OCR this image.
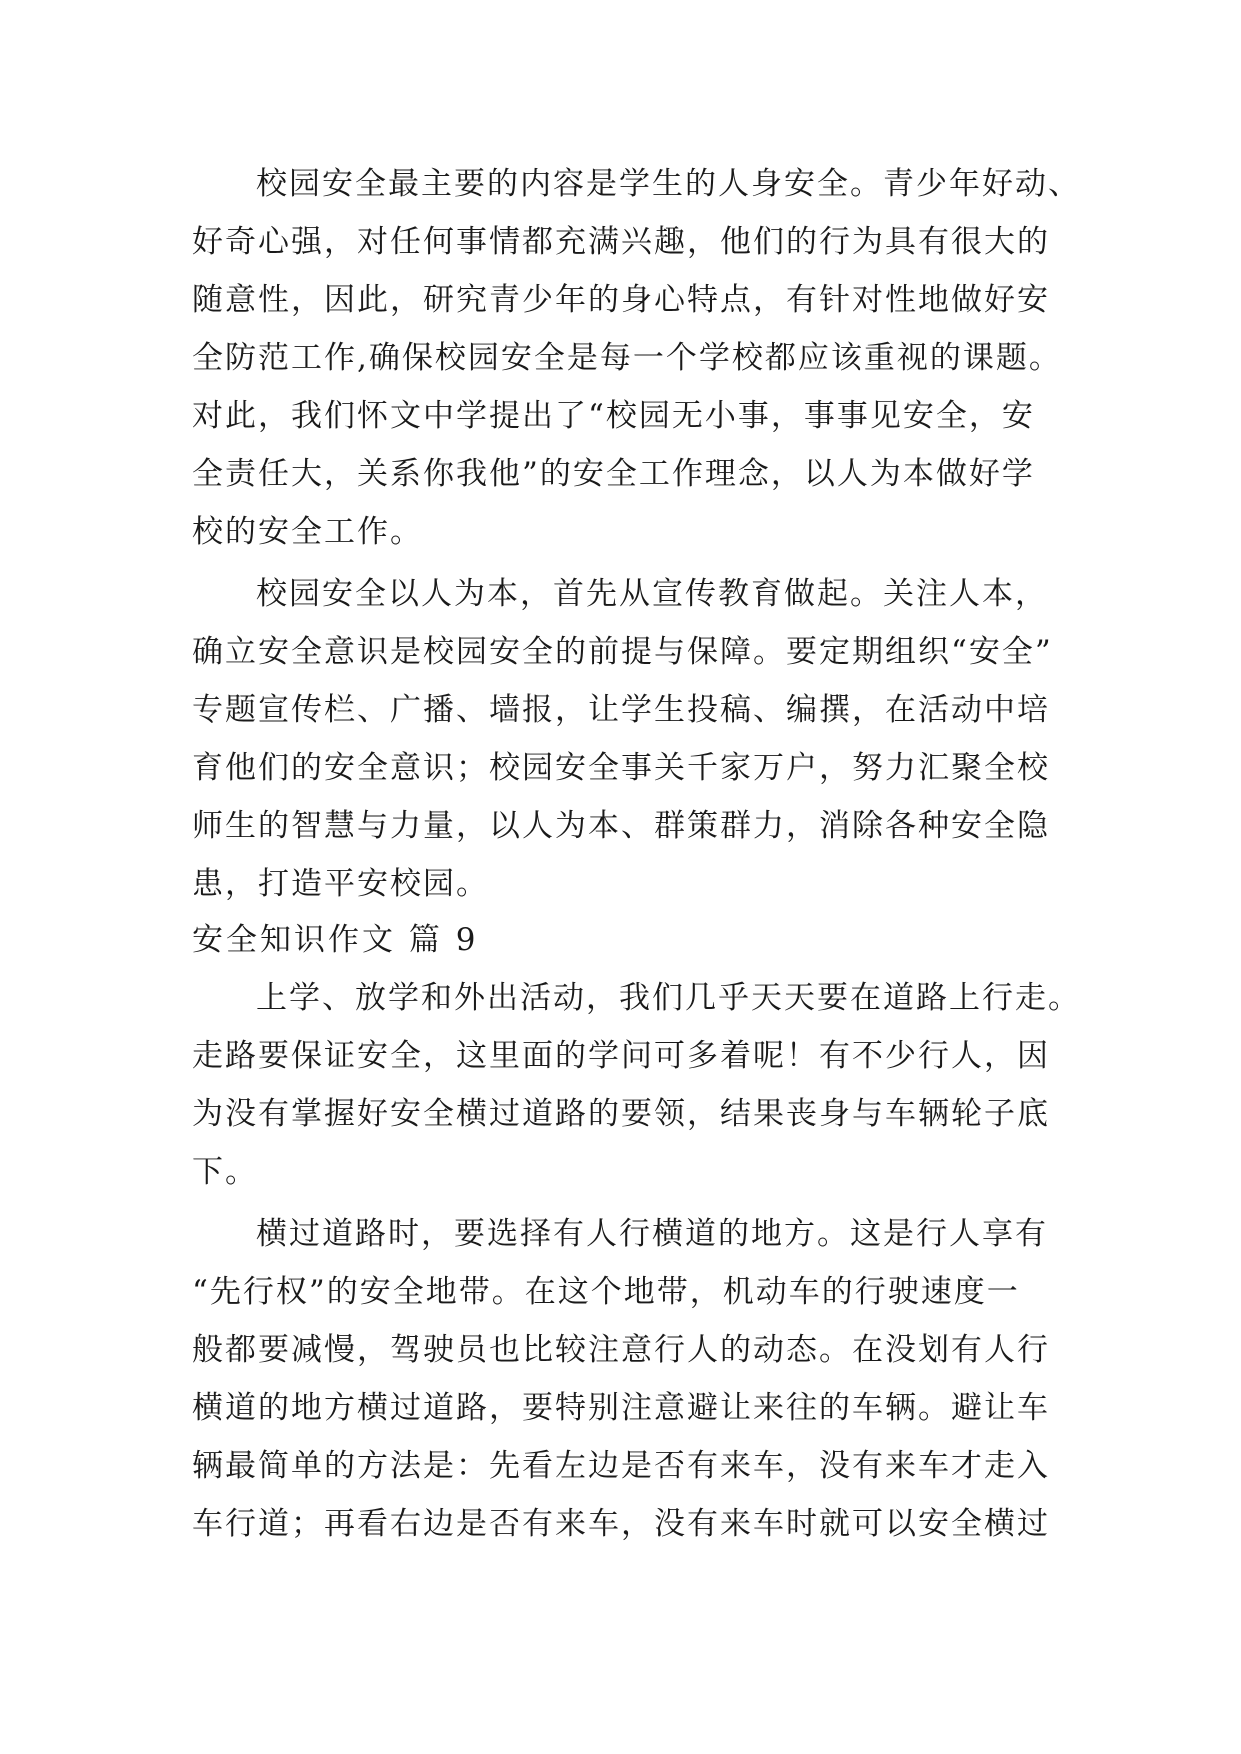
校园安全最主要的内容是学生的人身安全。青少年好动、
好奇心强，对任何事情都充满兴趣，他们的行为具有很大的
随意性，因此，研究青少年的身心特点，有针对性地做好安
全防范工作,确保校园安全是每一个学校都应该重视的课题。
对此，我们怀文中学提出了“校园无小事，事事见安全，安
全责任大，关系你我他”的安全工作理念，以人为本做好学
校的安全工作。
校园安全以人为本，首先从宣传教育做起。关注人本，
确立安全意识是校园安全的前提与保障。要定期组织“安全”
专题宣传栏、广播、墙报，让学生投稿、编撰，在活动中培
育他们的安全意识；校园安全事关千家万户，努力汇聚全校
师生的智慧与力量，以人为本、群策群力，消除各种安全隐
患，打造平安校园。
安全知识作文 篇 9
上学、放学和外出活动，我们几乎天天要在道路上行走。
走路要保证安全，这里面的学问可多着呢！有不少行人，因
为没有掌握好安全横过道路的要领，结果丧身与车辆轮子底
下。
横过道路时，要选择有人行横道的地方。这是行人享有
“先行权”的安全地带。在这个地带，机动车的行驶速度一
般都要减慢，驾驶员也比较注意行人的动态。在没划有人行
横道的地方横过道路，要特别注意避让来往的车辆。避让车
辆最简单的方法是：先看左边是否有来车，没有来车才走入
车行道；再看右边是否有来车，没有来车时就可以安全横过
